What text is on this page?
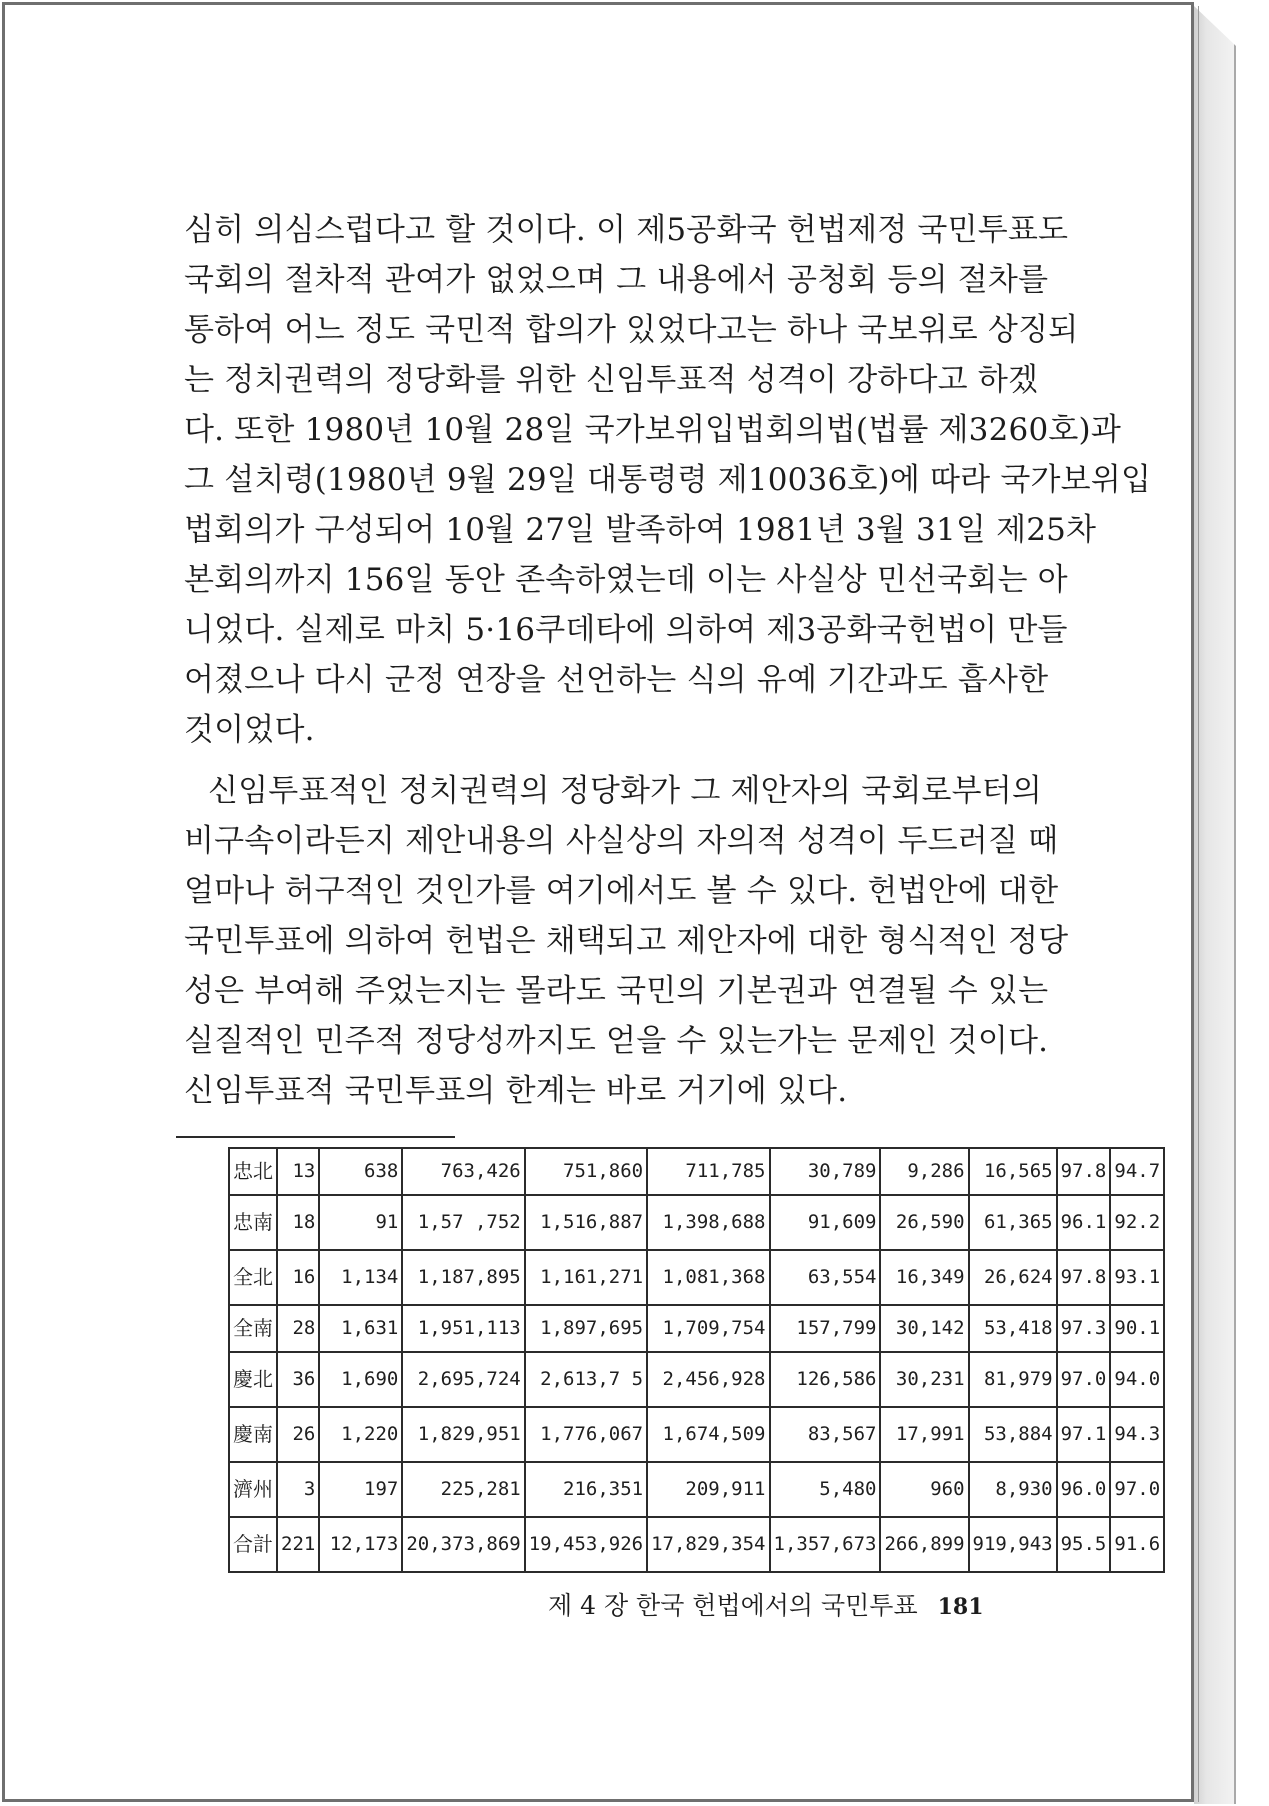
심히 의심스럽다고 할 것이다. 이 제5공화국 헌법제정 국민투표도

국회의 절차적 관여가 없었으며 그 내용에서 공청회 등의 절차를

통하여 어느 정도 국민적 합의가 있었다고는 하나 국보위로 상징되

는 정치권력의 정당화를 위한 신임투표적 성격이 강하다고 하겠

다. 또한 1980년 10월 28일 국가보위입법회의법(법률 제3260호)과

그 설치령(1980년 9월 29일 대통령령 제10036호)에 따라 국가보위입

법회의가 구성되어 10월 27일 발족하여 1981년 3월 31일 제25차

본회의까지 156일 동안 존속하였는데 이는 사실상 민선국회는 아

니었다. 실제로 마치 5·16쿠데타에 의하여 제3공화국헌법이 만들

어졌으나 다시 군정 연장을 선언하는 식의 유예 기간과도 흡사한

것이었다.

신임투표적인 정치권력의 정당화가 그 제안자의 국회로부터의

비구속이라든지 제안내용의 사실상의 자의적 성격이 두드러질 때

얼마나 허구적인 것인가를 여기에서도 볼 수 있다. 헌법안에 대한

국민투표에 의하여 헌법은 채택되고 제안자에 대한 형식적인 정당

성은 부여해 주었는지는 몰라도 국민의 기본권과 연결될 수 있는

실질적인 민주적 정당성까지도 얻을 수 있는가는 문제인 것이다.

신임투표적 국민투표의 한계는 바로 거기에 있다.

忠北	13	638	763,426	751,860	711,785	30,789	9,286	16,565	97.8	94.7
忠南	18	91	1,57 ,752	1,516,887	1,398,688	91,609	26,590	61,365	96.1	92.2
全北	16	1,134	1,187,895	1,161,271	1,081,368	63,554	16,349	26,624	97.8	93.1
全南	28	1,631	1,951,113	1,897,695	1,709,754	157,799	30,142	53,418	97.3	90.1
慶北	36	1,690	2,695,724	2,613,7 5	2,456,928	126,586	30,231	81,979	97.0	94.0
慶南	26	1,220	1,829,951	1,776,067	1,674,509	83,567	17,991	53,884	97.1	94.3
濟州	3	197	225,281	216,351	209,911	5,480	960	8,930	96.0	97.0
合計	221	12,173	20,373,869	19,453,926	17,829,354	1,357,673	266,899	919,943	95.5	91.6
제 4 장 한국 헌법에서의 국민투표 181
